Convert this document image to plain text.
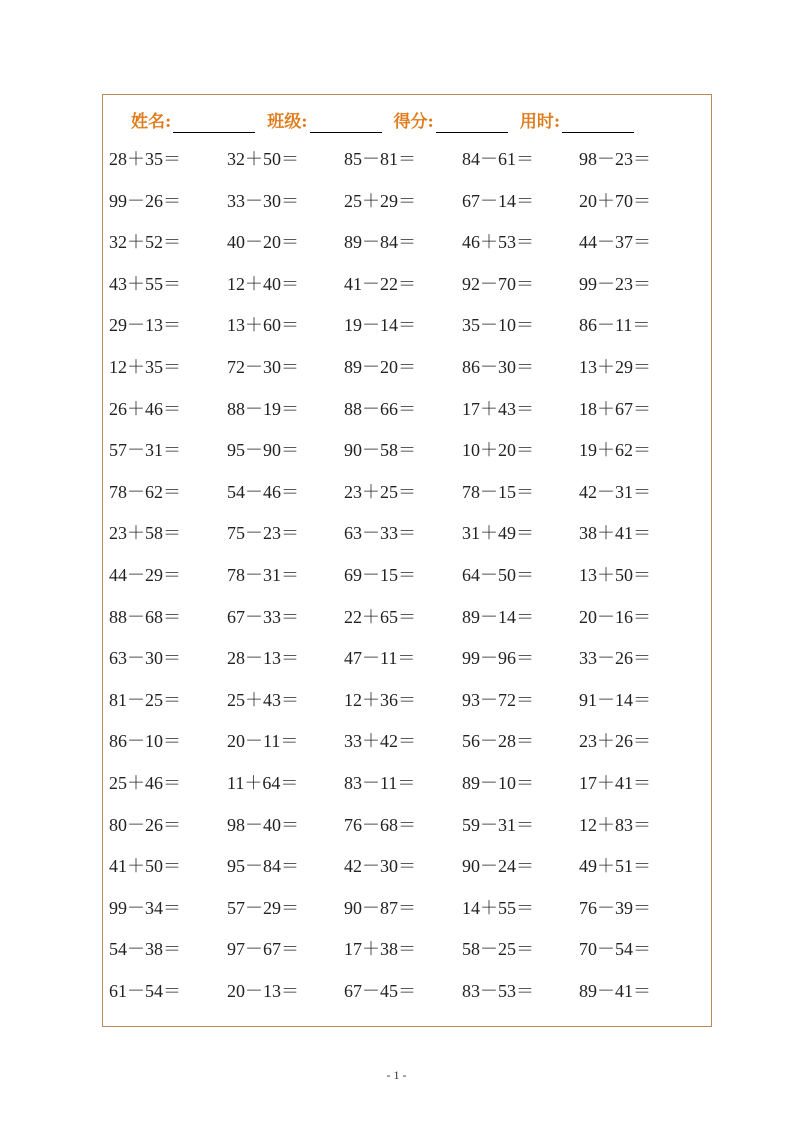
姓名:	班级:	得分:	用时:
28＋35＝	32＋50＝	85－81＝	84－61＝	98－23＝
99－26＝	33－30＝	25＋29＝	67－14＝	20＋70＝
32＋52＝	40－20＝	89－84＝	46＋53＝	44－37＝
43＋55＝	12＋40＝	41－22＝	92－70＝	99－23＝
29－13＝	13＋60＝	19－14＝	35－10＝	86－11＝
12＋35＝	72－30＝	89－20＝	86－30＝	13＋29＝
26＋46＝	88－19＝	88－66＝	17＋43＝	18＋67＝
57－31＝	95－90＝	90－58＝	10＋20＝	19＋62＝
78－62＝	54－46＝	23＋25＝	78－15＝	42－31＝
23＋58＝	75－23＝	63－33＝	31＋49＝	38＋41＝
44－29＝	78－31＝	69－15＝	64－50＝	13＋50＝
88－68＝	67－33＝	22＋65＝	89－14＝	20－16＝
63－30＝	28－13＝	47－11＝	99－96＝	33－26＝
81－25＝	25＋43＝	12＋36＝	93－72＝	91－14＝
86－10＝	20－11＝	33＋42＝	56－28＝	23＋26＝
25＋46＝	11＋64＝	83－11＝	89－10＝	17＋41＝
80－26＝	98－40＝	76－68＝	59－31＝	12＋83＝
41＋50＝	95－84＝	42－30＝	90－24＝	49＋51＝
99－34＝	57－29＝	90－87＝	14＋55＝	76－39＝
54－38＝	97－67＝	17＋38＝	58－25＝	70－54＝
61－54＝	20－13＝	67－45＝	83－53＝	89－41＝
- 1 -
